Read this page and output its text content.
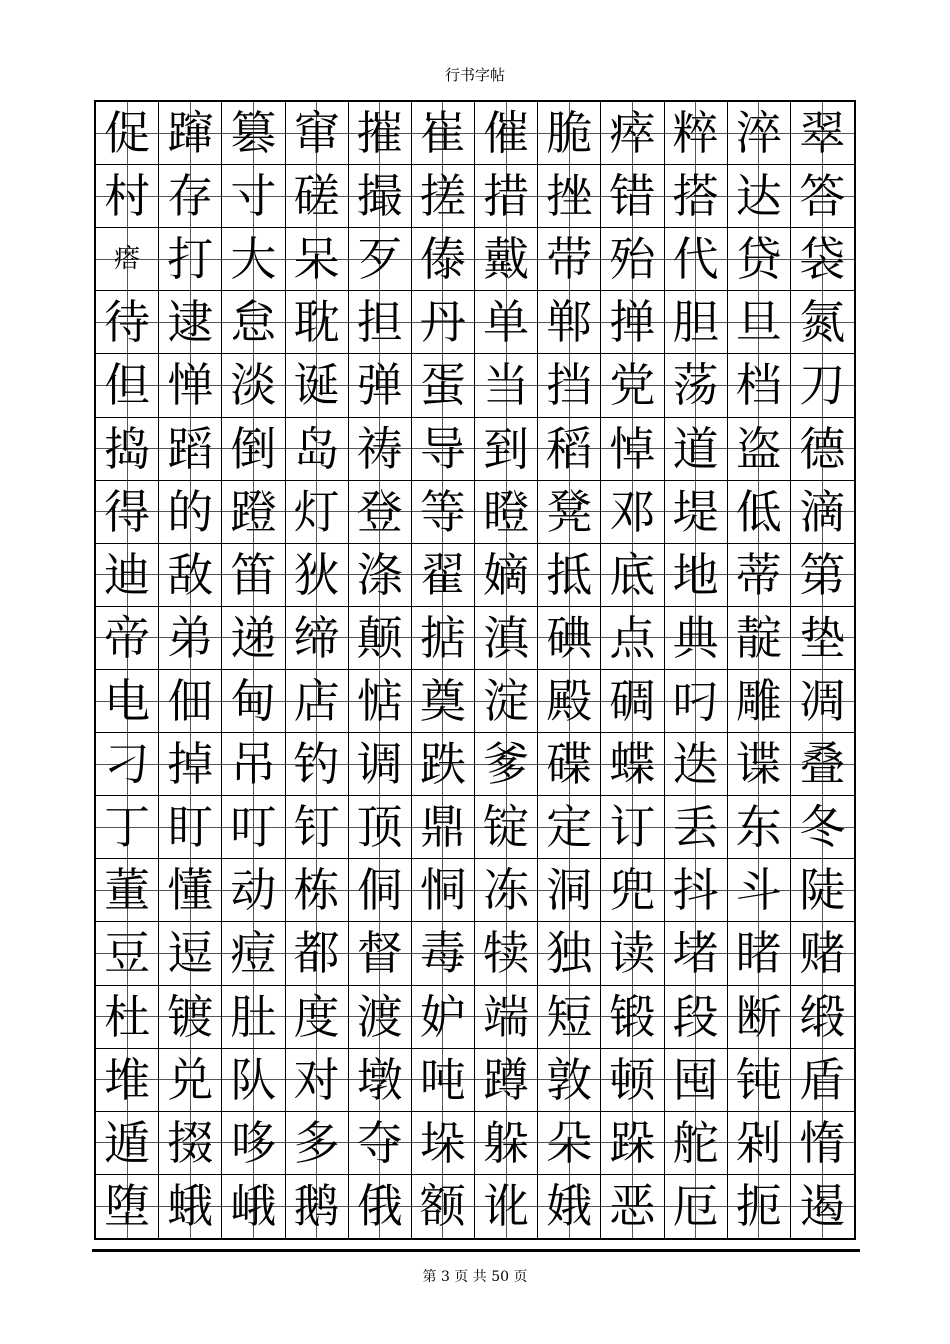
行书字帖
促 蹿 篡 窜 摧 崔 催 脆 瘁 粹 淬 翠
村 存 寸 磋 撮 搓 措 挫 错 搭 达 答
瘩 打 大 呆 歹 傣 戴 带 殆 代 贷 袋
待 逮 怠 耽 担 丹 单 郸 掸 胆 旦 氮
但 惮 淡 诞 弹 蛋 当 挡 党 荡 档 刀
捣 蹈 倒 岛 祷 导 到 稻 悼 道 盗 德
得 的 蹬 灯 登 等 瞪 凳 邓 堤 低 滴
迪 敌 笛 狄 涤 翟 嫡 抵 底 地 蒂 第
帝 弟 递 缔 颠 掂 滇 碘 点 典 靛 垫
电 佃 甸 店 惦 奠 淀 殿 碉 叼 雕 凋
刁 掉 吊 钓 调 跌 爹 碟 蝶 迭 谍 叠
丁 盯 叮 钉 顶 鼎 锭 定 订 丢 东 冬
董 懂 动 栋 侗 恫 冻 洞 兜 抖 斗 陡
豆 逗 痘 都 督 毒 犊 独 读 堵 睹 赌
杜 镀 肚 度 渡 妒 端 短 锻 段 断 缎
堆 兑 队 对 墩 吨 蹲 敦 顿 囤 钝 盾
遁 掇 哆 多 夺 垛 躲 朵 跺 舵 剁 惰
堕 蛾 峨 鹅 俄 额 讹 娥 恶 厄 扼 遏
第 3 页 共 50 页
